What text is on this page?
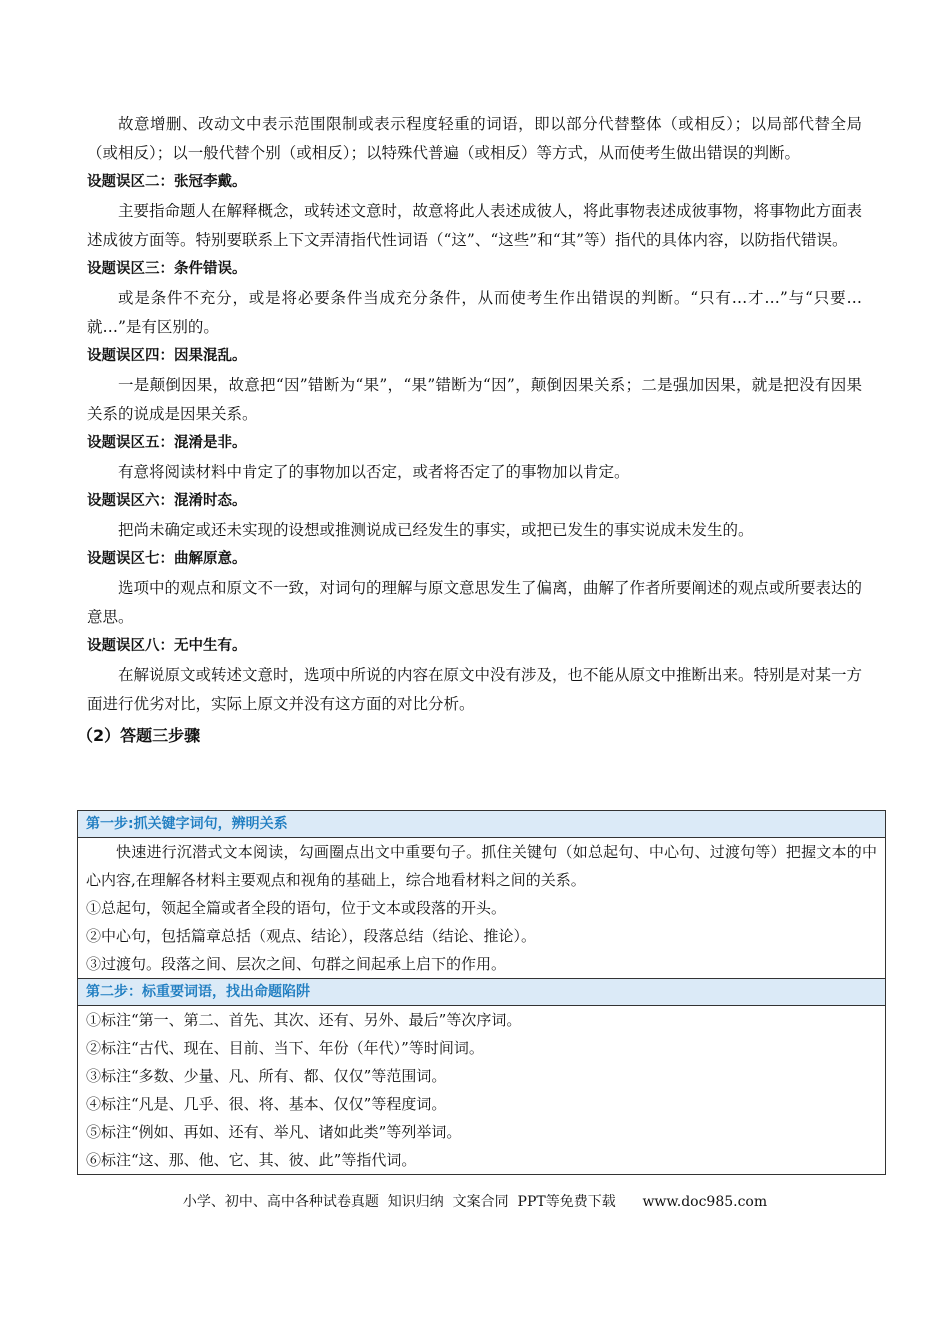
故意增删、改动文中表示范围限制或表示程度轻重的词语，即以部分代替整体（或相反）；以局部代替全局（或相反）；以一般代替个别（或相反）；以特殊代普遍（或相反）等方式，从而使考生做出错误的判断。

设题误区二：张冠李戴。

主要指命题人在解释概念，或转述文意时，故意将此人表述成彼人，将此事物表述成彼事物，将事物此方面表述成彼方面等。特别要联系上下文弄清指代性词语（“这”、“这些”和“其”等）指代的具体内容，以防指代错误。

设题误区三：条件错误。

或是条件不充分，或是将必要条件当成充分条件，从而使考生作出错误的判断。“只有…才…”与“只要…就…”是有区别的。

设题误区四：因果混乱。

一是颠倒因果，故意把“因”错断为“果”，“果”错断为“因”，颠倒因果关系；二是强加因果，就是把没有因果关系的说成是因果关系。

设题误区五：混淆是非。

有意将阅读材料中肯定了的事物加以否定，或者将否定了的事物加以肯定。

设题误区六：混淆时态。

把尚未确定或还未实现的设想或推测说成已经发生的事实，或把已发生的事实说成未发生的。

设题误区七：曲解原意。

选项中的观点和原文不一致，对词句的理解与原文意思发生了偏离，曲解了作者所要阐述的观点或所要表达的意思。

设题误区八：无中生有。

在解说原文或转述文意时，选项中所说的内容在原文中没有涉及，也不能从原文中推断出来。特别是对某一方面进行优劣对比，实际上原文并没有这方面的对比分析。

（2）答题三步骤

第一步:抓关键字词句，辨明关系

快速进行沉潜式文本阅读，勾画圈点出文中重要句子。抓住关键句（如总起句、中心句、过渡句等）把握文本的中心内容,在理解各材料主要观点和视角的基础上，综合地看材料之间的关系。

①总起句，领起全篇或者全段的语句，位于文本或段落的开头。

②中心句，包括篇章总括（观点、结论），段落总结（结论、推论）。

③过渡句。段落之间、层次之间、句群之间起承上启下的作用。

第二步：标重要词语，找出命题陷阱

①标注“第一、第二、首先、其次、还有、另外、最后”等次序词。

②标注“古代、现在、目前、当下、年份（年代）”等时间词。

③标注“多数、少量、凡、所有、都、仅仅”等范围词。

④标注“凡是、几乎、很、将、基本、仅仅”等程度词。

⑤标注“例如、再如、还有、举凡、诸如此类”等列举词。

⑥标注“这、那、他、它、其、彼、此”等指代词。

小学、初中、高中各种试卷真题  知识归纳  文案合同  PPT等免费下载 www.doc985.com
